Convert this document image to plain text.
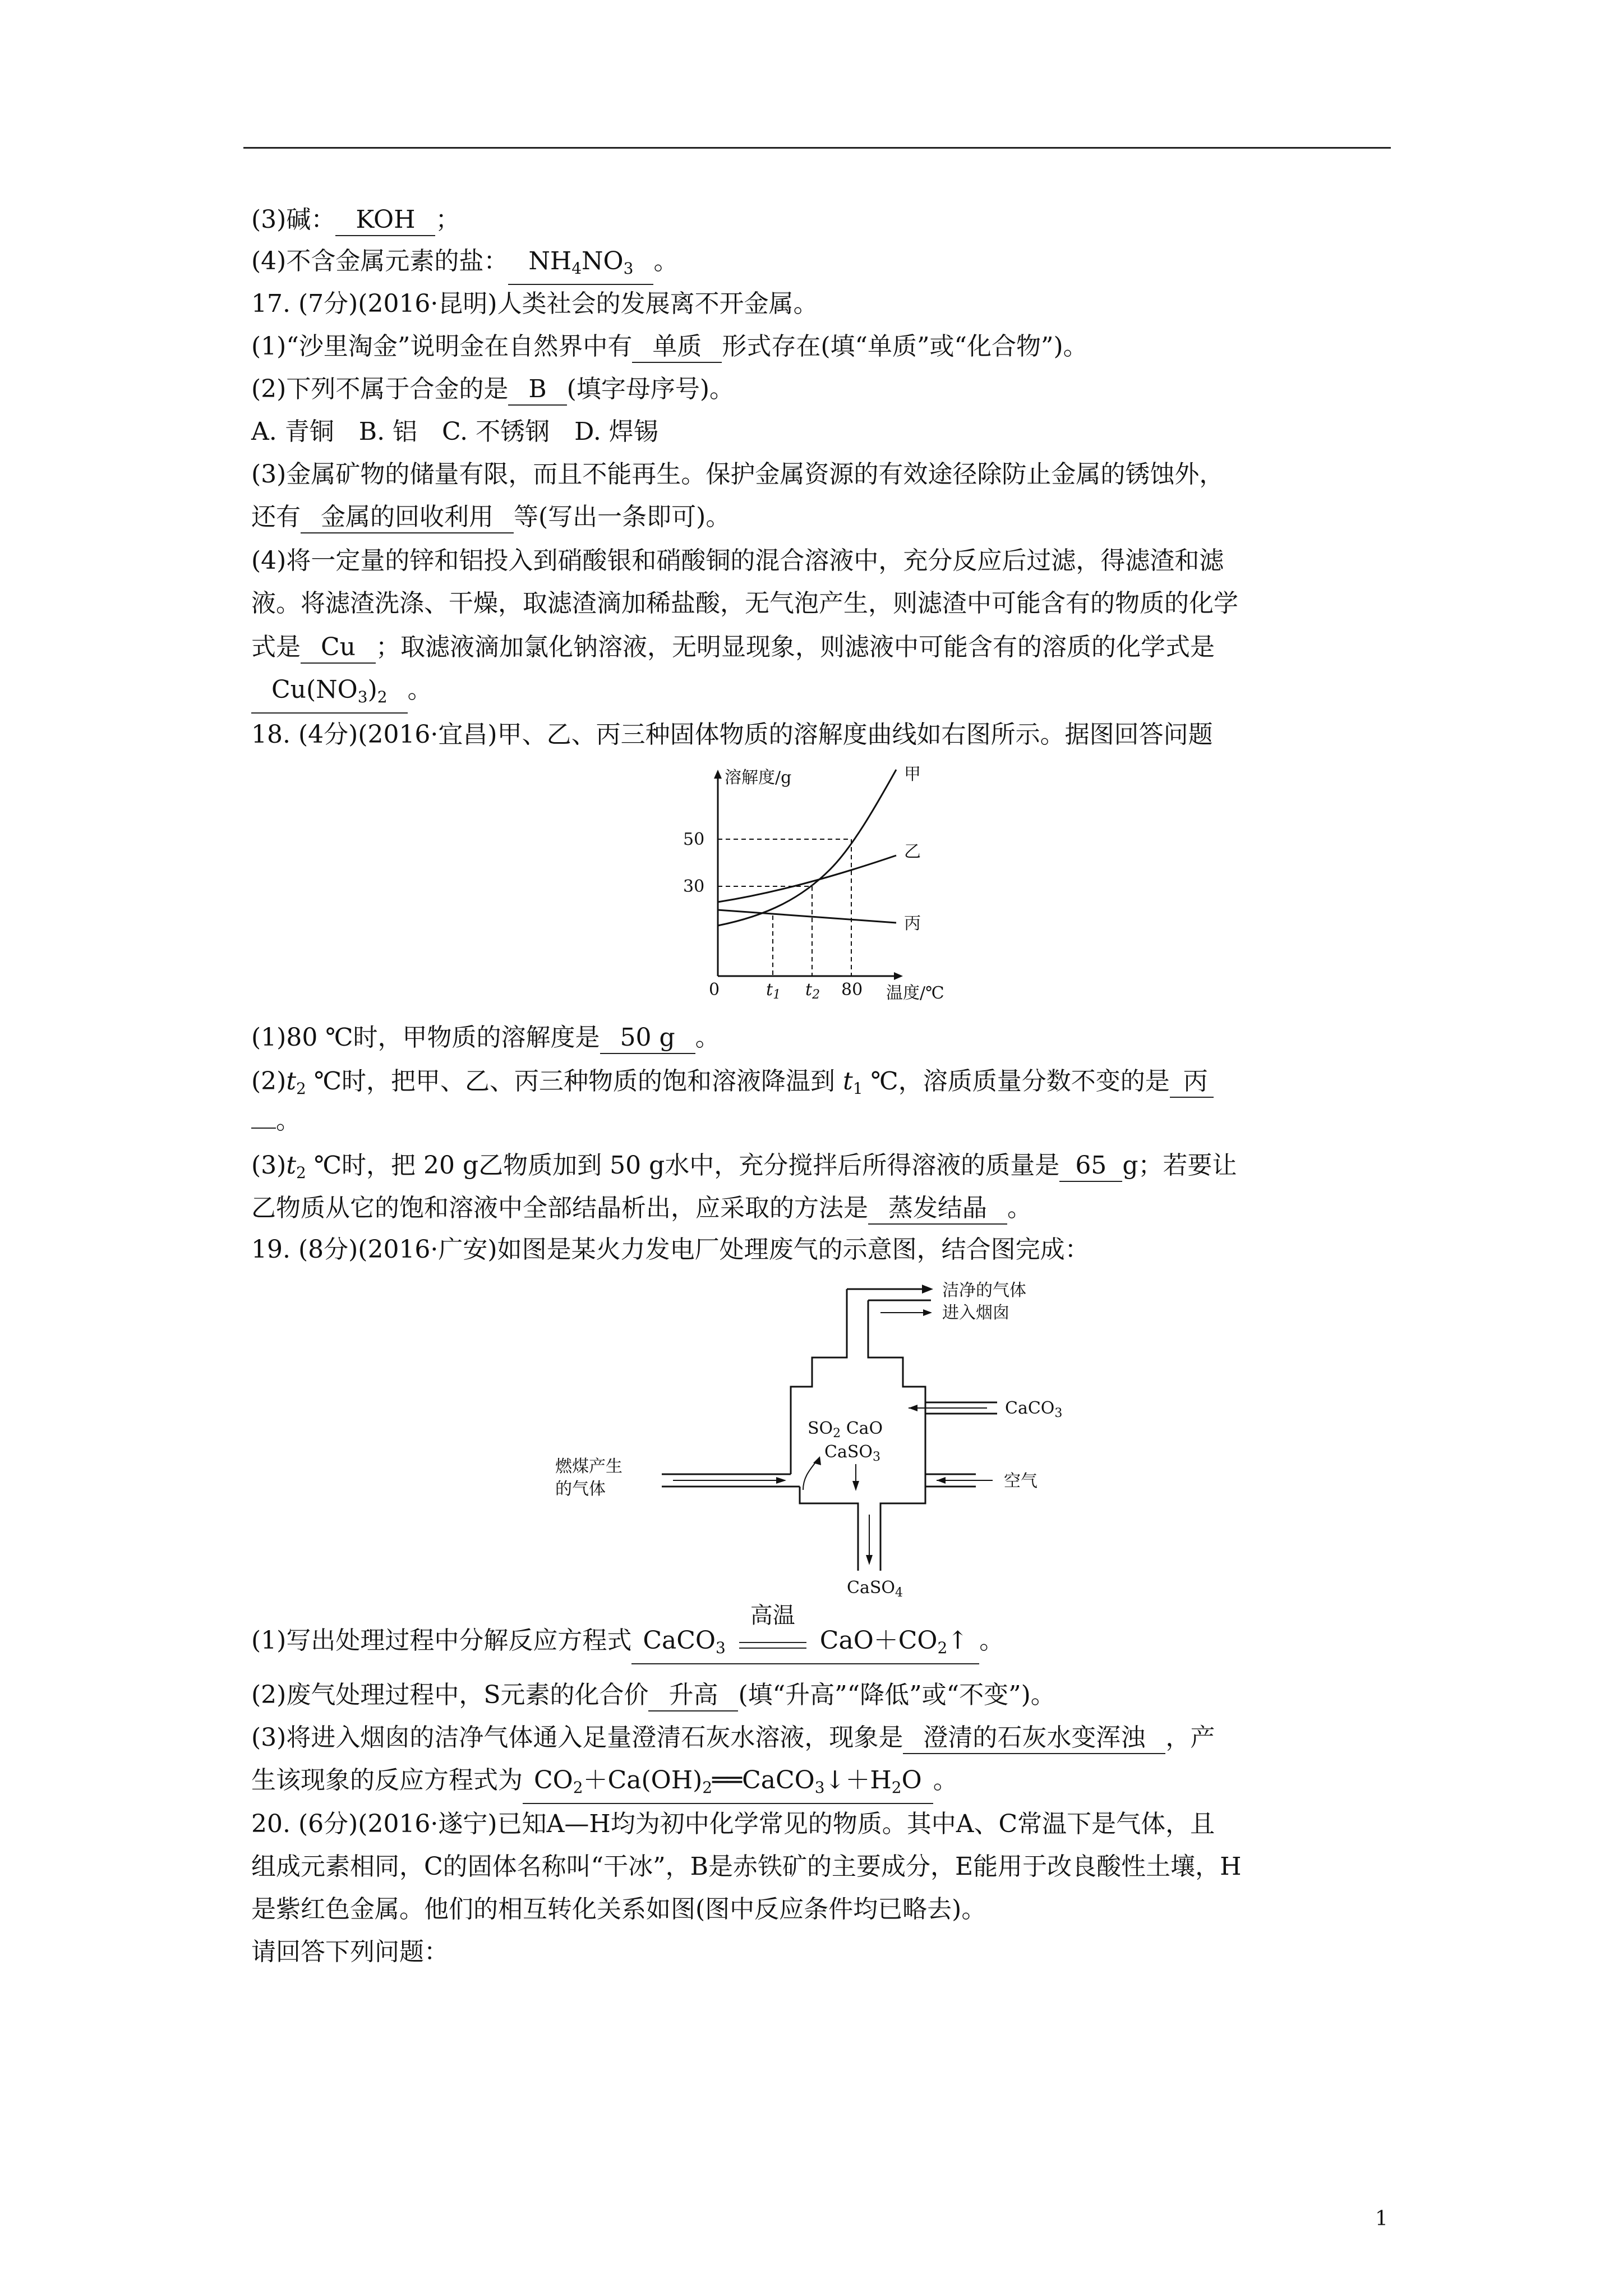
(3)碱： KOH ；
(4)不含金属元素的盐： $NH_4NO_3$ 。
17. (7分)(2016·昆明)人类社会的发展离不开金属。
(1)“沙里淘金”说明金在自然界中有 单质 形式存在(填“单质”或“化合物”)。
(2)下列不属于合金的是 B (填字母序号)。
A. 青铜　B. 铝　C. 不锈钢　D. 焊锡
(3)金属矿物的储量有限，而且不能再生。保护金属资源的有效途径除防止金属的锈蚀外，
还有 金属的回收利用 等(写出一条即可)。
(4)将一定量的锌和铝投入到硝酸银和硝酸铜的混合溶液中，充分反应后过滤，得滤渣和滤
液。将滤渣洗涤、干燥，取滤渣滴加稀盐酸，无气泡产生，则滤渣中可能含有的物质的化学
式是 Cu ；取滤液滴加氯化钠溶液，无明显现象，则滤液中可能含有的溶质的化学式是
$Cu(NO_3)_2$ 。
18. (4分)(2016·宜昌)甲、乙、丙三种固体物质的溶解度曲线如右图所示。据图回答问题
溶解度/g
温度/℃
甲
乙
丙
50
30
0	$t_1$ $t_2$ 80
(1)80 ℃时，甲物质的溶解度是 50 g 。
$(2)t_2$ ℃时，把甲、乙、丙三种物质的饱和溶液降温到 $t_1$ ℃，溶质质量分数不变的是 丙
。
$(3)t_2$ ℃时，把 20 g乙物质加到 50 g水中，充分搅拌后所得溶液的质量是 65 g；若要让
乙物质从它的饱和溶液中全部结晶析出，应采取的方法是 蒸发结晶 。
19. (8分)(2016·广安)如图是某火力发电厂处理废气的示意图，结合图完成：
洁净的气体
进入烟囱
CaCO$_3$
$SO_2$ CaO
CaSO$_3$
燃煤产生
的气体
CaSO$_4$
空气
(1)写出处理过程中分解反应方程式 CaCO$_3$
高温
$CaO+CO_2↑$ 。
(2)废气处理过程中，S元素的化合价 升高 (填“升高”“降低”或“不变”)。
(3)将进入烟囱的洁净气体通入足量澄清石灰水溶液，现象是 澄清的石灰水变浑浊 ，产
生该现象的反应方程式为 $CO_2+Ca(OH)_2══CaCO_3↓+H_2O$ 。
20. (6分)(2016·遂宁)已知A—H均为初中化学常见的物质。其中A、C常温下是气体，且
组成元素相同，C的固体名称叫“干冰”，B是赤铁矿的主要成分，E能用于改良酸性土壤，H
是紫红色金属。他们的相互转化关系如图(图中反应条件均已略去)。
请回答下列问题：
1
